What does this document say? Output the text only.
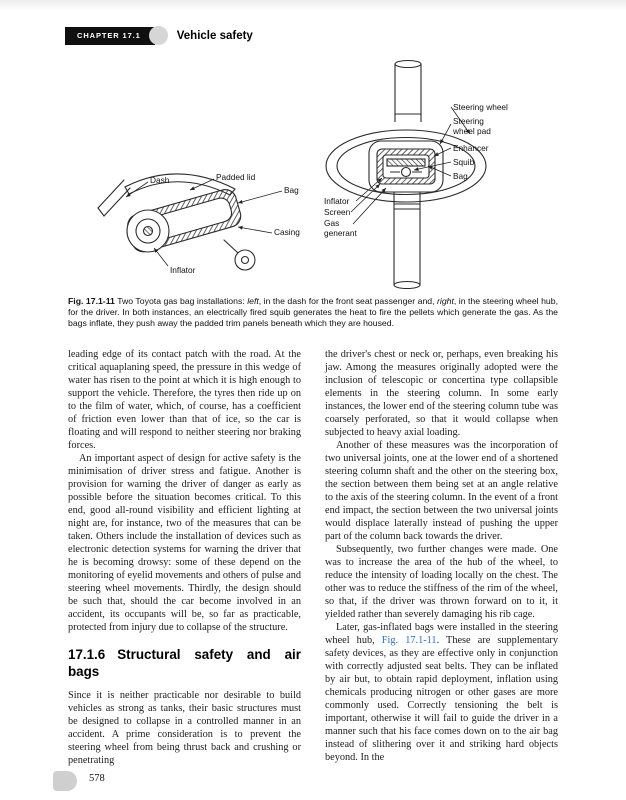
CHAPTER 17.1	Vehicle safety
Dash	Padded lid
Bag
Casing
Inflator
Steering wheel
Steering wheel pad
Enhancer
Squib
Bag
Inflator
Screen
Gas generant

Fig. 17.1-11 Two Toyota gas bag installations: left, in the dash for the front seat passenger and, right, in the steering wheel hub, for the driver. In both instances, an electrically fired squib generates the heat to fire the pellets which generate the gas. As the bags inflate, they push away the padded trim panels beneath which they are housed.

leading edge of its contact patch with the road. At the critical aquaplaning speed, the pressure in this wedge of water has risen to the point at which it is high enough to support the vehicle. Therefore, the tyres then ride up on to the film of water, which, of course, has a coefficient of friction even lower than that of ice, so the car is floating and will respond to neither steering nor braking forces.

An important aspect of design for active safety is the minimisation of driver stress and fatigue. Another is provision for warning the driver of danger as early as possible before the situation becomes critical. To this end, good all-round visibility and efficient lighting at night are, for instance, two of the measures that can be taken. Others include the installation of devices such as electronic detection systems for warning the driver that he is becoming drowsy: some of these depend on the monitoring of eyelid movements and others of pulse and steering wheel movements. Thirdly, the design should be such that, should the car become involved in an accident, its occupants will be, so far as practicable, protected from injury due to collapse of the structure.

17.1.6 Structural safety and air bags

Since it is neither practicable nor desirable to build vehicles as strong as tanks, their basic structures must be designed to collapse in a controlled manner in an accident. A prime consideration is to prevent the steering wheel from being thrust back and crushing or penetrating

the driver's chest or neck or, perhaps, even breaking his jaw. Among the measures originally adopted were the inclusion of telescopic or concertina type collapsible elements in the steering column. In some early instances, the lower end of the steering column tube was coarsely perforated, so that it would collapse when subjected to heavy axial loading.

Another of these measures was the incorporation of two universal joints, one at the lower end of a shortened steering column shaft and the other on the steering box, the section between them being set at an angle relative to the axis of the steering column. In the event of a front end impact, the section between the two universal joints would displace laterally instead of pushing the upper part of the column back towards the driver.

Subsequently, two further changes were made. One was to increase the area of the hub of the wheel, to reduce the intensity of loading locally on the chest. The other was to reduce the stiffness of the rim of the wheel, so that, if the driver was thrown forward on to it, it yielded rather than severely damaging his rib cage.

Later, gas-inflated bags were installed in the steering wheel hub, Fig. 17.1-11. These are supplementary safety devices, as they are effective only in conjunction with correctly adjusted seat belts. They can be inflated by air but, to obtain rapid deployment, inflation using chemicals producing nitrogen or other gases are more commonly used. Correctly tensioning the belt is important, otherwise it will fail to guide the driver in a manner such that his face comes down on to the air bag instead of slithering over it and striking hard objects beyond. In the

578
